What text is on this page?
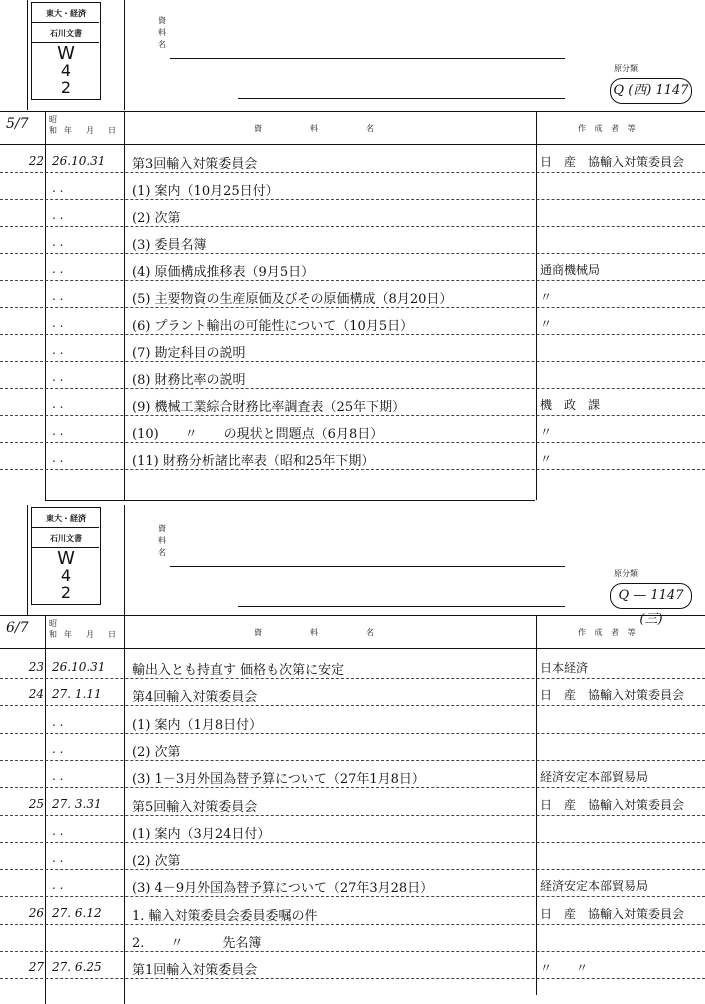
東大・経済
石川文書
W
4
2
資
料
名
原分類
Q (西) 1147
5/7	昭
和 年　月　日	資　料　名	作 成 者 等
22 26.10.31 第3回輸入対策委員会	日　産　協輸入対策委員会
. .	(1) 案内（10月25日付）
. .	(2) 次第
. .	(3) 委員名簿
. .	(4) 原価構成推移表（9月5日）	通商機械局
. .	(5) 主要物資の生産原価及びその原価構成（8月20日）	〃
. .	(6) プラント輸出の可能性について（10月5日）	〃
. .	(7) 勘定科目の説明
. .	(8) 財務比率の説明
. .	(9) 機械工業綜合財務比率調査表（25年下期）	機　政　課
. .	(10)　　〃　　の現状と問題点（6月8日）	〃
. .	(11) 財務分析諸比率表（昭和25年下期）	〃
東大・経済
石川文書
W
4
2
資
料
名
原分類
Q — 1147 (三)
6/7	昭
和 年　月　日	資　料　名	作 成 者 等
23 26.10.31 輸出入とも持直す 価格も次第に安定	日本経済
24 27. 1.11 第4回輸入対策委員会	日　産　協輸入対策委員会
. .	(1) 案内（1月8日付）
. .	(2) 次第
. .	(3) 1－3月外国為替予算について（27年1月8日）	経済安定本部貿易局
25 27. 3.31 第5回輸入対策委員会	日　産　協輸入対策委員会
. .	(1) 案内（3月24日付）
. .	(2) 次第
. .	(3) 4－9月外国為替予算について（27年3月28日）	経済安定本部貿易局
26 27. 6.12 1. 輸入対策委員会委員委嘱の件	日　産　協輸入対策委員会
2.　　〃　　　先名簿
27 27. 6.25 第1回輸入対策委員会	〃　　〃
